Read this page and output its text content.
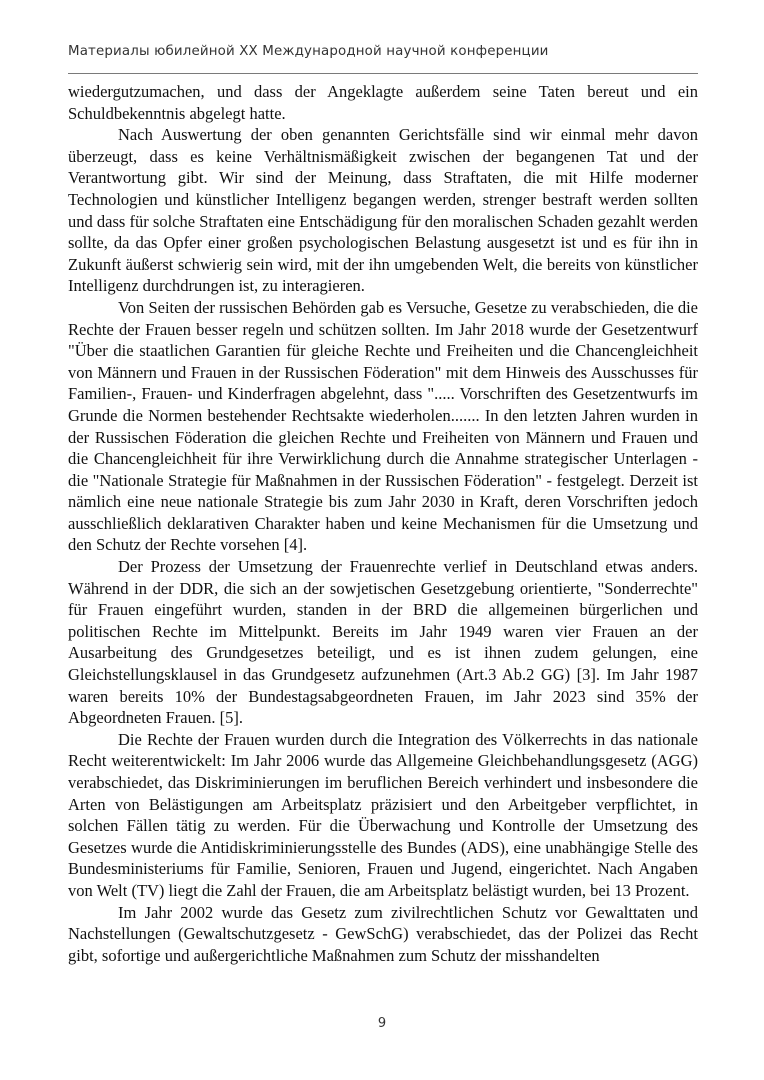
Материалы юбилейной XX Международной научной конференции

wiedergutzumachen, und dass der Angeklagte außerdem seine Taten bereut und ein Schuldbekenntnis abgelegt hatte.

Nach Auswertung der oben genannten Gerichtsfälle sind wir einmal mehr davon überzeugt, dass es keine Verhältnismäßigkeit zwischen der begangenen Tat und der Verantwortung gibt. Wir sind der Meinung, dass Straftaten, die mit Hilfe moderner Technologien und künstlicher Intelligenz begangen werden, strenger bestraft werden sollten und dass für solche Straftaten eine Entschädigung für den moralischen Schaden gezahlt werden sollte, da das Opfer einer großen psychologischen Belastung ausgesetzt ist und es für ihn in Zukunft äußerst schwierig sein wird, mit der ihn umgebenden Welt, die bereits von künstlicher Intelligenz durchdrungen ist, zu interagieren.

Von Seiten der russischen Behörden gab es Versuche, Gesetze zu verabschieden, die die Rechte der Frauen besser regeln und schützen sollten. Im Jahr 2018 wurde der Gesetzentwurf "Über die staatlichen Garantien für gleiche Rechte und Freiheiten und die Chancengleichheit von Männern und Frauen in der Russischen Föderation" mit dem Hinweis des Ausschusses für Familien-, Frauen- und Kinderfragen abgelehnt, dass "..... Vorschriften des Gesetzentwurfs im Grunde die Normen bestehender Rechtsakte wiederholen....... In den letzten Jahren wurden in der Russischen Föderation die gleichen Rechte und Freiheiten von Männern und Frauen und die Chancengleichheit für ihre Verwirklichung durch die Annahme strategischer Unterlagen - die "Nationale Strategie für Maßnahmen in der Russischen Föderation" - festgelegt. Derzeit ist nämlich eine neue nationale Strategie bis zum Jahr 2030 in Kraft, deren Vorschriften jedoch ausschließlich deklarativen Charakter haben und keine Mechanismen für die Umsetzung und den Schutz der Rechte vorsehen [4].

Der Prozess der Umsetzung der Frauenrechte verlief in Deutschland etwas anders. Während in der DDR, die sich an der sowjetischen Gesetzgebung orientierte, "Sonderrechte" für Frauen eingeführt wurden, standen in der BRD die allgemeinen bürgerlichen und politischen Rechte im Mittelpunkt. Bereits im Jahr 1949 waren vier Frauen an der Ausarbeitung des Grundgesetzes beteiligt, und es ist ihnen zudem gelungen, eine Gleichstellungsklausel in das Grundgesetz aufzunehmen (Art.3 Ab.2 GG) [3]. Im Jahr 1987 waren bereits 10% der Bundestagsabgeordneten Frauen, im Jahr 2023 sind 35% der Abgeordneten Frauen. [5].

Die Rechte der Frauen wurden durch die Integration des Völkerrechts in das nationale Recht weiterentwickelt: Im Jahr 2006 wurde das Allgemeine Gleichbehandlungsgesetz (AGG) verabschiedet, das Diskriminierungen im beruflichen Bereich verhindert und insbesondere die Arten von Belästigungen am Arbeitsplatz präzisiert und den Arbeitgeber verpflichtet, in solchen Fällen tätig zu werden. Für die Überwachung und Kontrolle der Umsetzung des Gesetzes wurde die Antidiskriminierungsstelle des Bundes (ADS), eine unabhängige Stelle des Bundesministeriums für Familie, Senioren, Frauen und Jugend, eingerichtet. Nach Angaben von Welt (TV) liegt die Zahl der Frauen, die am Arbeitsplatz belästigt wurden, bei 13 Prozent.

Im Jahr 2002 wurde das Gesetz zum zivilrechtlichen Schutz vor Gewalttaten und Nachstellungen (Gewaltschutzgesetz - GewSchG) verabschiedet, das der Polizei das Recht gibt, sofortige und außergerichtliche Maßnahmen zum Schutz der misshandelten

9
